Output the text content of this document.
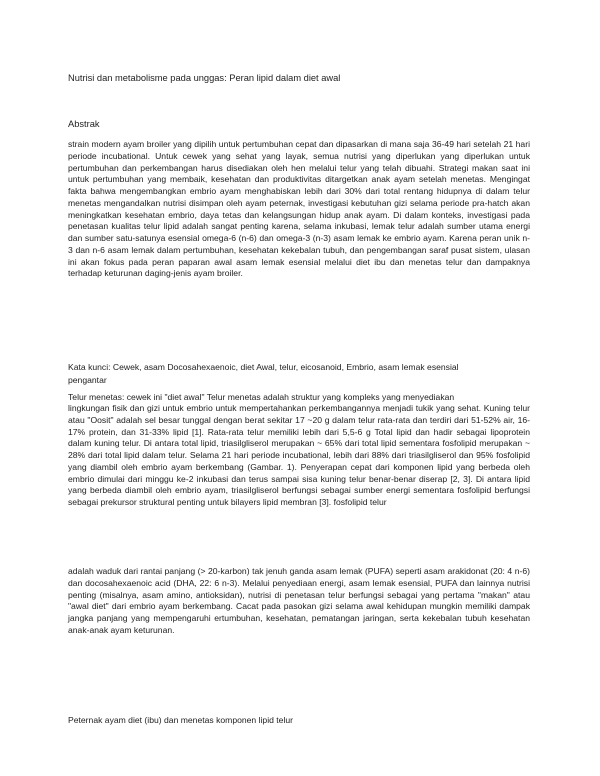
Nutrisi dan metabolisme pada unggas: Peran lipid dalam diet awal
Abstrak
strain modern ayam broiler yang dipilih untuk pertumbuhan cepat dan dipasarkan di mana saja 36-49 hari setelah 21 hari periode incubational. Untuk cewek yang sehat yang layak, semua nutrisi yang diperlukan yang diperlukan untuk pertumbuhan dan perkembangan harus disediakan oleh hen melalui telur yang telah dibuahi. Strategi makan saat ini untuk pertumbuhan yang membaik, kesehatan dan produktivitas ditargetkan anak ayam setelah menetas. Mengingat fakta bahwa mengembangkan embrio ayam menghabiskan lebih dari 30% dari total rentang hidupnya di dalam telur menetas mengandalkan nutrisi disimpan oleh ayam peternak, investigasi kebutuhan gizi selama periode pra-hatch akan meningkatkan kesehatan embrio, daya tetas dan kelangsungan hidup anak ayam. Di dalam konteks, investigasi pada penetasan kualitas telur lipid adalah sangat penting karena, selama inkubasi, lemak telur adalah sumber utama energi dan sumber satu-satunya esensial omega-6 (n-6) dan omega-3 (n-3) asam lemak ke embrio ayam. Karena peran unik n-3 dan n-6 asam lemak dalam pertumbuhan, kesehatan kekebalan tubuh, dan pengembangan saraf pusat sistem, ulasan ini akan fokus pada peran paparan awal asam lemak esensial melalui diet ibu dan menetas telur dan dampaknya terhadap keturunan daging-jenis ayam broiler.
Kata kunci: Cewek, asam Docosahexaenoic, diet Awal, telur, eicosanoid, Embrio, asam lemak esensial
pengantar
Telur menetas: cewek ini "diet awal" Telur menetas adalah struktur yang kompleks yang menyediakan
lingkungan fisik dan gizi untuk embrio untuk mempertahankan perkembangannya menjadi tukik yang sehat. Kuning telur atau "Oosit" adalah sel besar tunggal dengan berat sekitar 17 ~20 g dalam telur rata-rata dan terdiri dari 51-52% air, 16-17% protein, dan 31-33% lipid [1]. Rata-rata telur memiliki lebih dari 5,5-6 g Total lipid dan hadir sebagai lipoprotein dalam kuning telur. Di antara total lipid, triasilgliserol merupakan ~ 65% dari total lipid sementara fosfolipid merupakan ~ 28% dari total lipid dalam telur. Selama 21 hari periode incubational, lebih dari 88% dari triasilgliserol dan 95% fosfolipid yang diambil oleh embrio ayam berkembang (Gambar. 1). Penyerapan cepat dari komponen lipid yang berbeda oleh embrio dimulai dari minggu ke-2 inkubasi dan terus sampai sisa kuning telur benar-benar diserap [2, 3]. Di antara lipid yang berbeda diambil oleh embrio ayam, triasilgliserol berfungsi sebagai sumber energi sementara fosfolipid berfungsi sebagai prekursor struktural penting untuk bilayers lipid membran [3]. fosfolipid telur
adalah waduk dari rantai panjang (> 20-karbon) tak jenuh ganda asam lemak (PUFA) seperti asam arakidonat (20: 4 n-6) dan docosahexaenoic acid (DHA, 22: 6 n-3). Melalui penyediaan energi, asam lemak esensial, PUFA dan lainnya nutrisi penting (misalnya, asam amino, antioksidan), nutrisi di penetasan telur berfungsi sebagai yang pertama "makan" atau "awal diet" dari embrio ayam berkembang. Cacat pada pasokan gizi selama awal kehidupan mungkin memiliki dampak jangka panjang yang mempengaruhi ertumbuhan, kesehatan, pematangan jaringan, serta kekebalan tubuh kesehatan anak-anak ayam keturunan.
Peternak ayam diet (ibu) dan menetas komponen lipid telur
